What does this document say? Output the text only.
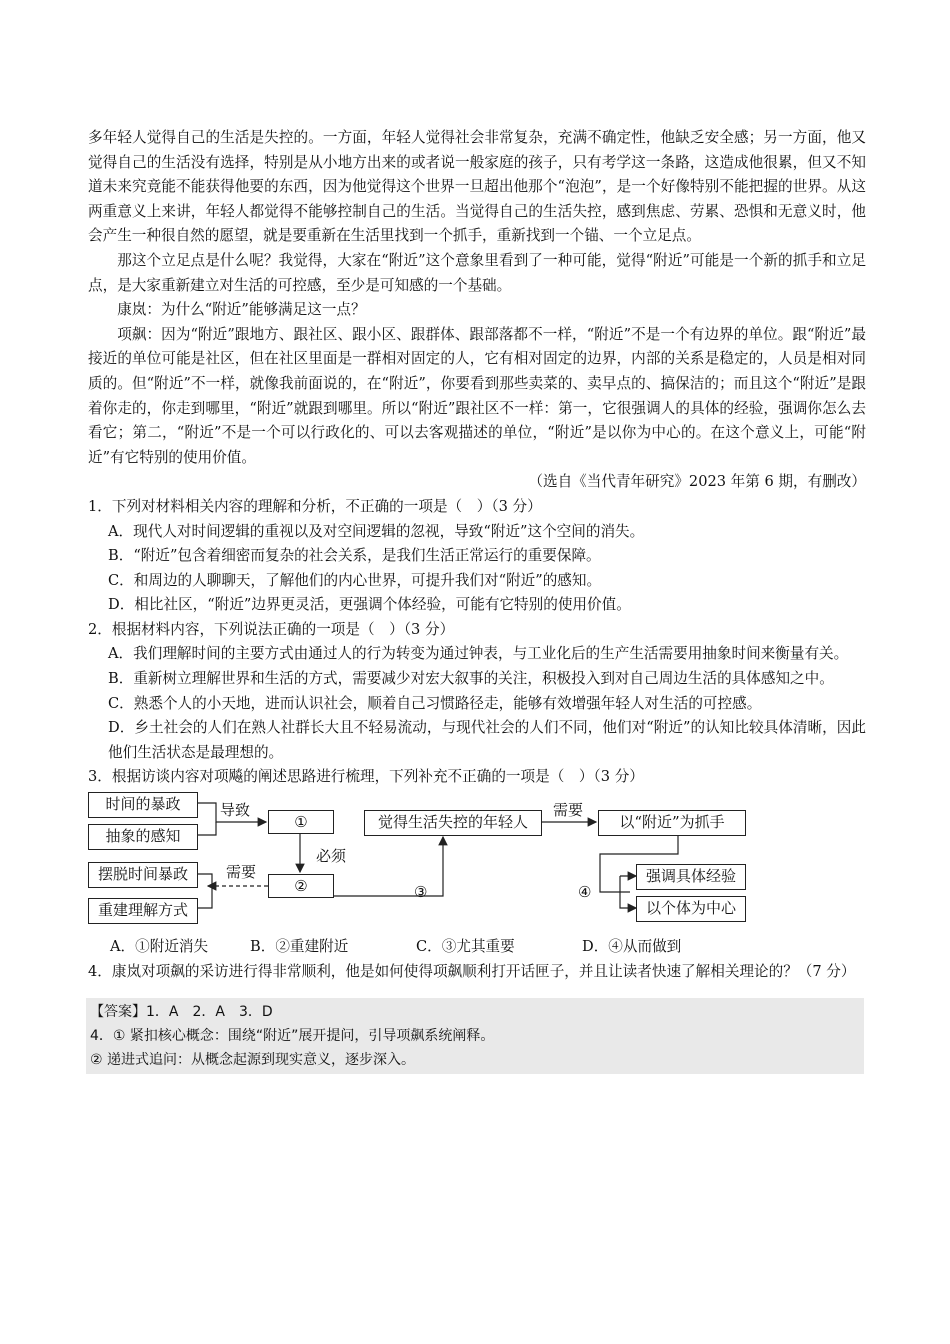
多年轻人觉得自己的生活是失控的。一方面，年轻人觉得社会非常复杂，充满不确定性，他缺乏安全感；另一方面，他又觉得自己的生活没有选择，特别是从小地方出来的或者说一般家庭的孩子，只有考学这一条路，这造成他很累，但又不知道未来究竟能不能获得他要的东西，因为他觉得这个世界一旦超出他那个“泡泡”，是一个好像特别不能把握的世界。从这两重意义上来讲，年轻人都觉得不能够控制自己的生活。当觉得自己的生活失控，感到焦虑、劳累、恐惧和无意义时，他会产生一种很自然的愿望，就是要重新在生活里找到一个抓手，重新找到一个锚、一个立足点。

那这个立足点是什么呢？我觉得，大家在“附近”这个意象里看到了一种可能，觉得“附近”可能是一个新的抓手和立足点，是大家重新建立对生活的可控感，至少是可知感的一个基础。

康岚：为什么“附近”能够满足这一点？

项飙：因为“附近”跟地方、跟社区、跟小区、跟群体、跟部落都不一样，“附近”不是一个有边界的单位。跟“附近”最接近的单位可能是社区，但在社区里面是一群相对固定的人，它有相对固定的边界，内部的关系是稳定的，人员是相对同质的。但“附近”不一样，就像我前面说的，在“附近”，你要看到那些卖菜的、卖早点的、搞保洁的；而且这个“附近”是跟着你走的，你走到哪里，“附近”就跟到哪里。所以“附近”跟社区不一样：第一，它很强调人的具体的经验，强调你怎么去看它；第二，“附近”不是一个可以行政化的、可以去客观描述的单位，“附近”是以你为中心的。在这个意义上，可能“附近”有它特别的使用价值。

（选自《当代青年研究》2023 年第 6 期，有删改）

1．下列对材料相关内容的理解和分析，不正确的一项是（　）（3 分）

A．现代人对时间逻辑的重视以及对空间逻辑的忽视，导致“附近”这个空间的消失。

B．“附近”包含着细密而复杂的社会关系，是我们生活正常运行的重要保障。

C．和周边的人聊聊天，了解他们的内心世界，可提升我们对“附近”的感知。

D．相比社区，“附近”边界更灵活，更强调个体经验，可能有它特别的使用价值。

2．根据材料内容，下列说法正确的一项是（　）（3 分）

A．我们理解时间的主要方式由通过人的行为转变为通过钟表，与工业化后的生产生活需要用抽象时间来衡量有关。

B．重新树立理解世界和生活的方式，需要减少对宏大叙事的关注，积极投入到对自己周边生活的具体感知之中。

C．熟悉个人的小天地，进而认识社会，顺着自己习惯路径走，能够有效增强年轻人对生活的可控感。

D．乡土社会的人们在熟人社群长大且不轻易流动，与现代社会的人们不同，他们对“附近”的认知比较具体清晰，因此他们生活状态是最理想的。

3．根据访谈内容对项飚的阐述思路进行梳理，下列补充不正确的一项是（　）（3 分）

时间的暴政
抽象的感知
摆脱时间暴政
重建理解方式
①
②
觉得生活失控的年轻人	以“附近”为抓手
强调具体经验
以个体为中心
导致
必须
需要
需要
③	④

A．①附近消失	B．②重建附近	C．③尤其重要	D．④从而做到

4．康岚对项飙的采访进行得非常顺利，他是如何使得项飙顺利打开话匣子，并且让读者快速了解相关理论的？（7 分）

【答案】1．A　2．A　3．D

4．① 紧扣核心概念：围绕“附近”展开提问，引导项飙系统阐释。

② 递进式追问：从概念起源到现实意义，逐步深入。
